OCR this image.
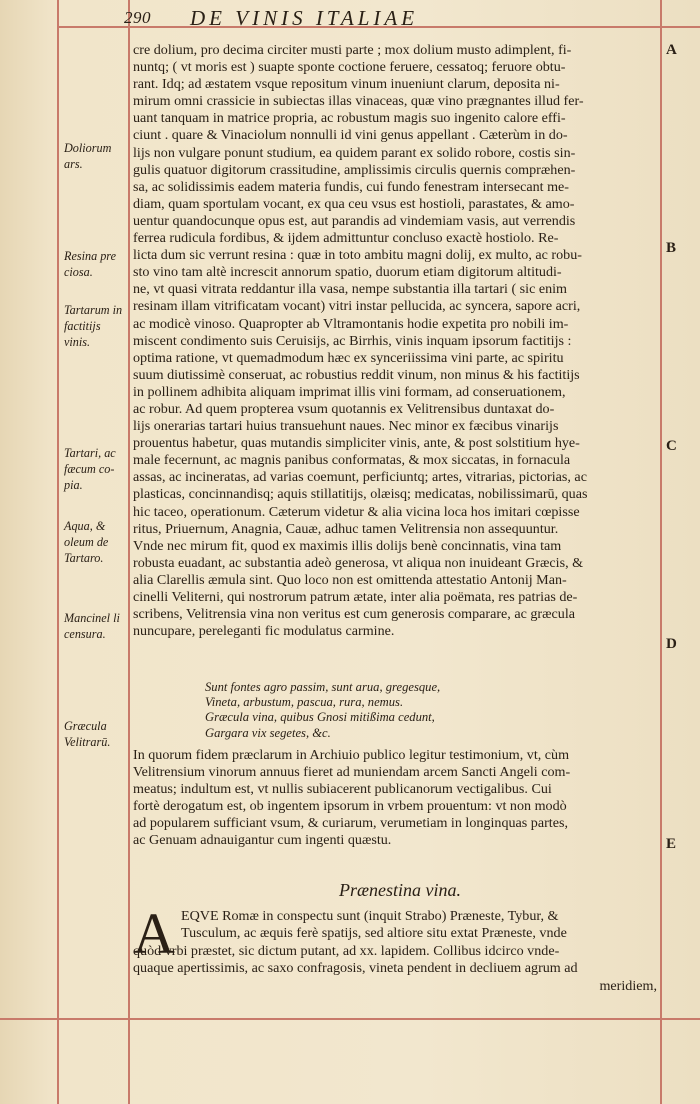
290 DE VINIS ITALIAE
Doliorum ars.
Resina pre ciosa.
Tartarum in factitijs vinis.
Tartari, ac fæcum co- pia.
Aqua, & oleum de Tartaro.
Mancinel li censura.
Græcula Velitrarū.
A
B
C
D
E
cre dolium, pro decima circiter musti parte ; mox dolium musto adimplent, fi-
nuntq; ( vt moris est ) suapte sponte coctione feruere, cessatoq; feruore obtu-
rant. Idq; ad æstatem vsque repositum vinum inueniunt clarum, deposita ni-
mirum omni crassicie in subiectas illas vinaceas, quæ vino prægnantes illud fer-
uant tanquam in matrice propria, ac robustum magis suo ingenito calore effi-
ciunt . quare & Vinaciolum nonnulli id vini genus appellant . Cæterùm in do-
lijs non vulgare ponunt studium, ea quidem parant ex solido robore, costis sin-
gulis quatuor digitorum crassitudine, amplissimis circulis quernis compræhen-
sa, ac solidissimis eadem materia fundis, cui fundo fenestram intersecant me-
diam, quam sportulam vocant, ex qua ceu vsus est hostioli, parastates, & amo-
uentur quandocunque opus est, aut parandis ad vindemiam vasis, aut verrendis
ferrea rudicula fordibus, & ijdem admittuntur concluso exactè hostiolo. Re-
licta dum sic verrunt resina : quæ in toto ambitu magni dolij, ex multo, ac robu-
sto vino tam altè increscit annorum spatio, duorum etiam digitorum altitudi-
ne, vt quasi vitrata reddantur illa vasa, nempe substantia illa tartari ( sic enim
resinam illam vitrificatam vocant) vitri instar pellucida, ac syncera, sapore acri,
ac modicè vinoso. Quapropter ab Vltramontanis hodie expetita pro nobili im-
miscent condimento suis Ceruisijs, ac Birrhis, vinis inquam ipsorum factitijs :
optima ratione, vt quemadmodum hæc ex synceriissima vini parte, ac spiritu
suum diutissimè conseruat, ac robustius reddit vinum, non minus & his factitijs
in pollinem adhibita aliquam imprimat illis vini formam, ad conseruationem,
ac robur. Ad quem propterea vsum quotannis ex Velitrensibus duntaxat do-
lijs onerarias tartari huius transuehunt naues. Nec minor ex fæcibus vinarijs
prouentus habetur, quas mutandis simpliciter vinis, ante, & post solstitium hye-
male fecernunt, ac magnis panibus conformatas, & mox siccatas, in fornacula
assas, ac incineratas, ad varias coemunt, perficiuntq; artes, vitrarias, pictorias, ac
plasticas, concinnandisq; aquis stillatitijs, olæisq; medicatas, nobilissimarū, quas
hic taceo, operationum. Cæterum videtur & alia vicina loca hos imitari cœpisse
ritus, Priuernum, Anagnia, Cauæ, adhuc tamen Velitrensia non assequuntur.
Vnde nec mirum fit, quod ex maximis illis dolijs benè concinnatis, vina tam
robusta euadant, ac substantia adeò generosa, vt aliqua non inuideant Græcis, &
alia Clarellis æmula sint. Quo loco non est omittenda attestatio Antonij Man-
cinelli Veliterni, qui nostrorum patrum ætate, inter alia poëmata, res patrias de-
scribens, Velitrensia vina non veritus est cum generosis comparare, ac græcula
nuncupare, pereleganti fic modulatus carmine.
Sunt fontes agro passim, sunt arua, gregesque,
Vineta, arbustum, pascua, rura, nemus.
Græcula vina, quibus Gnosi mitißima cedunt,
Gargara vix segetes, &c.
In quorum fidem præclarum in Archiuio publico legitur testimonium, vt, cùm
Velitrensium vinorum annuus fieret ad muniendam arcem Sancti Angeli com-
meatus; indultum est, vt nullis subiacerent publicanorum vectigalibus. Cui
fortè derogatum est, ob ingentem ipsorum in vrbem prouentum: vt non modò
ad popularem sufficiant vsum, & curiarum, verumetiam in longinquas partes,
ac Genuam adnauigantur cum ingenti quæstu.
Prænestina vina.
A EQVE Romæ in conspectu sunt (inquit Strabo) Præneste, Tybur, &
Tusculum, ac æquis ferè spatijs, sed altiore situ extat Præneste, vnde
quòd vrbi præstet, sic dictum putant, ad xx. lapidem. Collibus idcirco vnde-
quaque apertissimis, ac saxo confragosis, vineta pendent in decliuem agrum ad
meridiem,
